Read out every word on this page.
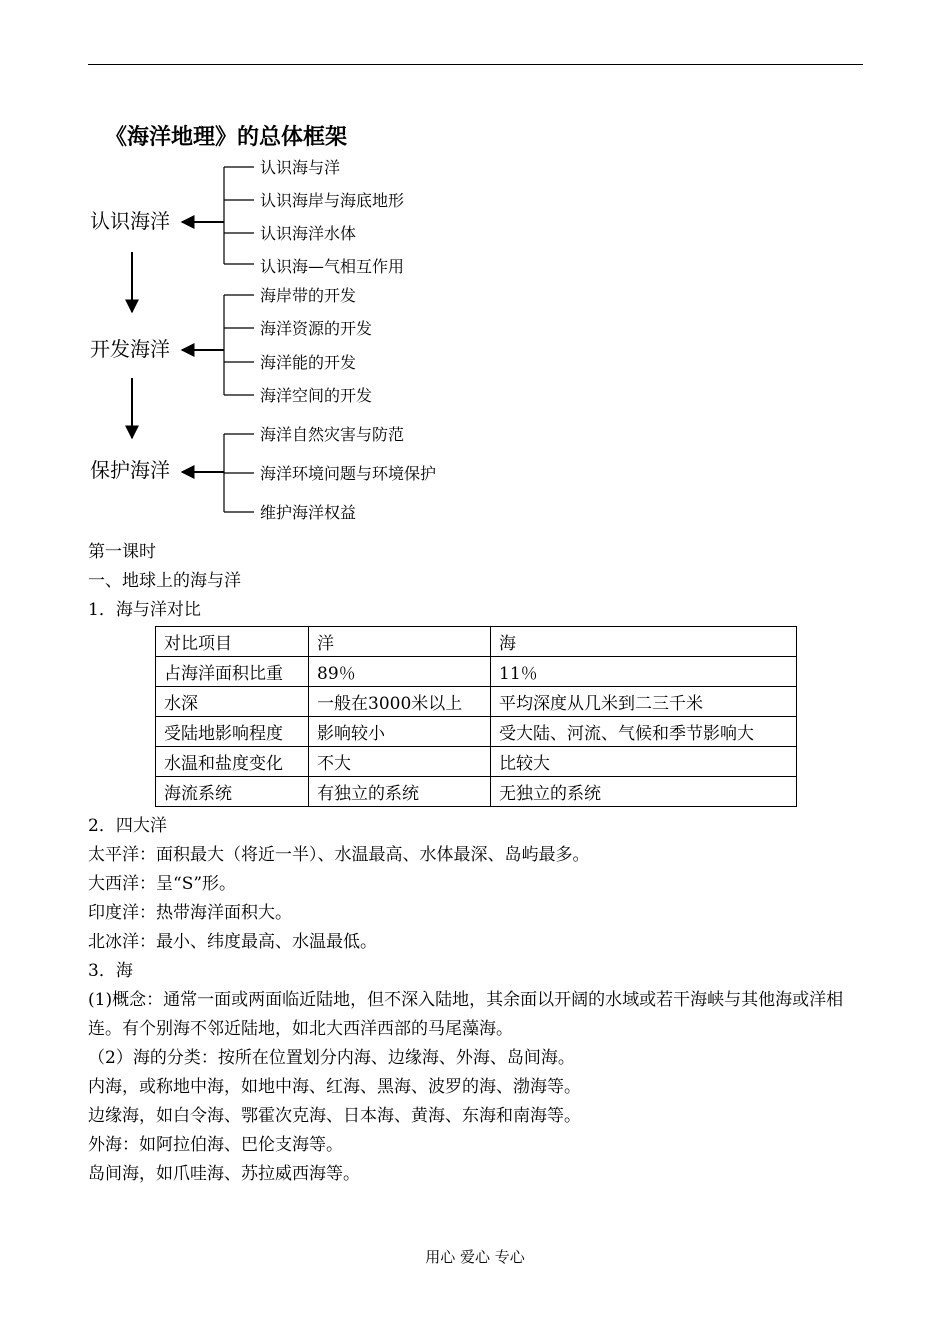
《海洋地理》的总体框架
认识海洋
认识海与洋
认识海岸与海底地形
认识海洋水体
认识海—气相互作用
开发海洋
海岸带的开发
海洋资源的开发
海洋能的开发
海洋空间的开发
保护海洋
海洋自然灾害与防范
海洋环境问题与环境保护
维护海洋权益
第一课时
一、地球上的海与洋
1．海与洋对比
对比项目	洋	海
占海洋面积比重	89％	11％
水深	一般在3000米以上	平均深度从几米到二三千米
受陆地影响程度	影响较小	受大陆、河流、气候和季节影响大
水温和盐度变化	不大	比较大
海流系统	有独立的系统	无独立的系统
2．四大洋
太平洋：面积最大（将近一半）、水温最高、水体最深、岛屿最多。
大西洋：呈“S”形。
印度洋：热带海洋面积大。
北冰洋：最小、纬度最高、水温最低。
3．海
(1)概念：通常一面或两面临近陆地，但不深入陆地，其余面以开阔的水域或若干海峡与其他海或洋相连。有个别海不邻近陆地，如北大西洋西部的马尾藻海。
（2）海的分类：按所在位置划分内海、边缘海、外海、岛间海。
内海，或称地中海，如地中海、红海、黑海、波罗的海、渤海等。
边缘海，如白令海、鄂霍次克海、日本海、黄海、东海和南海等。
外海：如阿拉伯海、巴伦支海等。
岛间海，如爪哇海、苏拉威西海等。
用心 爱心 专心
